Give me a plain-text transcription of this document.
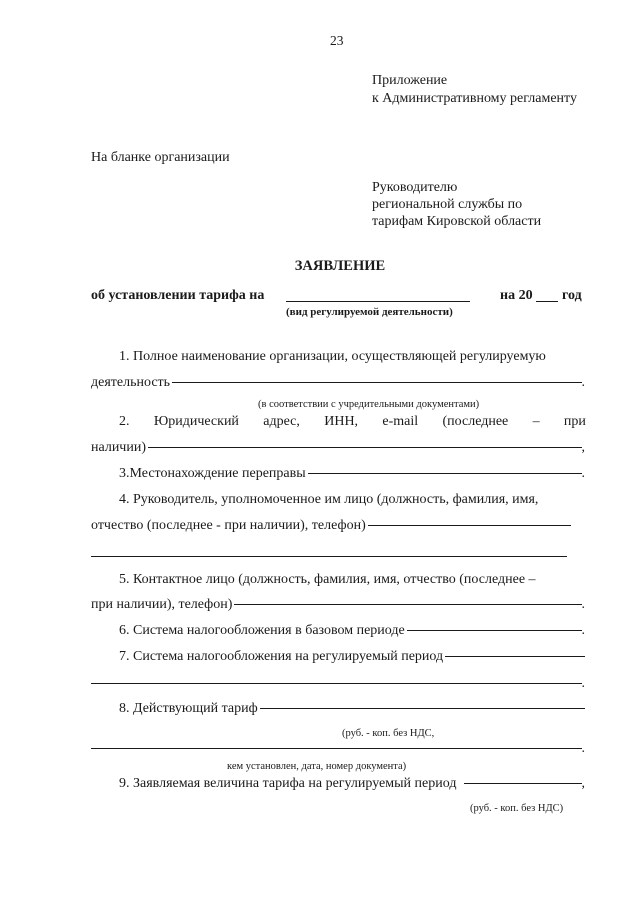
23
Приложение
к Административному регламенту
На бланке организации
Руководителю
региональной службы по
тарифам Кировской области
ЗАЯВЛЕНИЕ
об установлении тарифа на	на 20 год
(вид регулируемой деятельности)
1. Полное наименование организации, осуществляющей регулируемую
деятельность	.
(в соответствии с учредительными документами)
2. Юридический адрес, ИНН, e-mail (последнее – при
наличии)	,
3.Местонахождение переправы	.
4. Руководитель, уполномоченное им лицо (должность, фамилия, имя,
отчество (последнее - при наличии), телефон)
5. Контактное лицо (должность, фамилия, имя, отчество (последнее –
при наличии), телефон)	.
6. Система налогообложения в базовом периоде	.
7. Система налогообложения на регулируемый период
.
8. Действующий тариф
(руб. - коп. без НДС,
.
кем установлен, дата, номер документа)
9. Заявляемая величина тарифа на регулируемый период	,
(руб. - коп. без НДС)
